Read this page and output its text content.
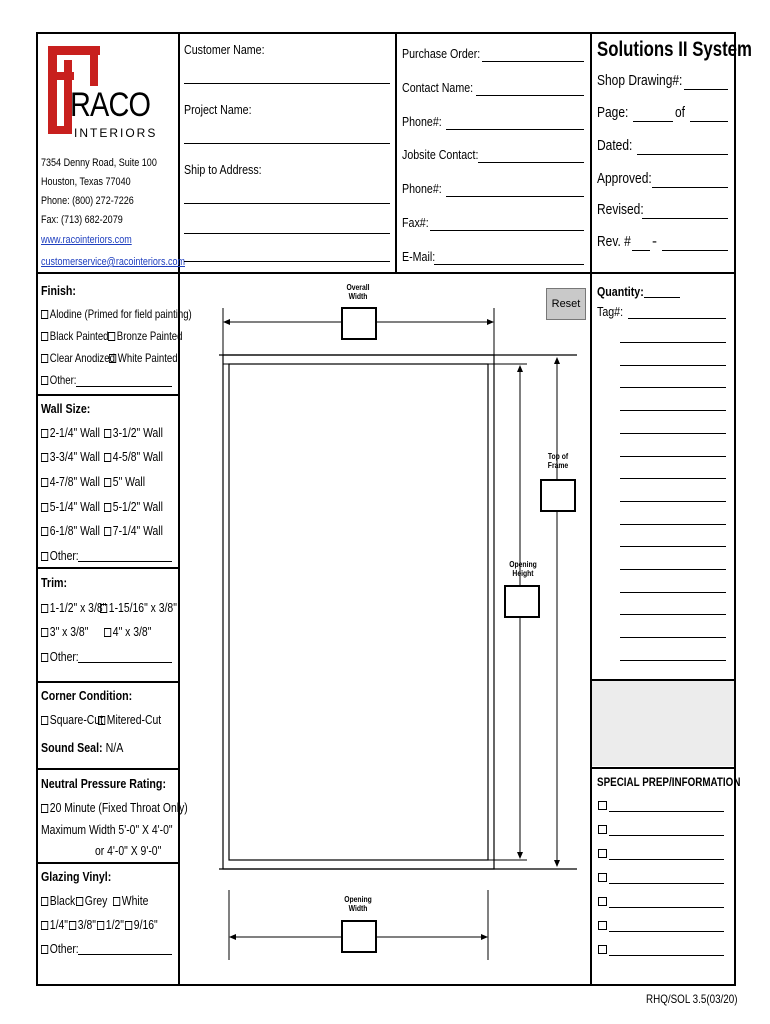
RACO
INTERIORS
7354 Denny Road, Suite 100
Houston, Texas 77040
Phone: (800) 272-7226
Fax: (713) 682-2079
www.racointeriors.com
customerservice@racointeriors.com
Customer Name:
Project Name:
Ship to Address:
Purchase Order:
Contact Name:
Phone#:
Jobsite Contact:
Phone#:
Fax#:
E-Mail:
Solutions II System
Shop Drawing#:
Page:	of
Dated:
Approved:
Revised:
Rev. # -
Finish:
Alodine (Primed for field painting)
Black Painted Bronze Painted
Clear Anodized White Painted
Other:
Wall Size:
2-1/4" Wall 3-1/2" Wall
3-3/4" Wall 4-5/8" Wall
4-7/8" Wall 5" Wall
5-1/4" Wall 5-1/2" Wall
6-1/8" Wall 7-1/4" Wall
Other:
Trim:
1-1/2" x 3/8" 1-15/16" x 3/8"
3" x 3/8"	4" x 3/8"
Other:
Corner Condition:
Square-Cut Mitered-Cut
Sound Seal: N/A
Neutral Pressure Rating:
20 Minute (Fixed Throat Only)
Maximum Width 5'-0" X 4'-0"
or 4'-0" X 9'-0"
Glazing Vinyl:
Black Grey	White
1/4" 3/8" 1/2" 9/16"
Other:
Overall Width
Reset
Top of Frame
Opening Height
Opening Width
Quantity:
Tag#:
SPECIAL PREP/INFORMATION
RHQ/SOL 3.5(03/20)
